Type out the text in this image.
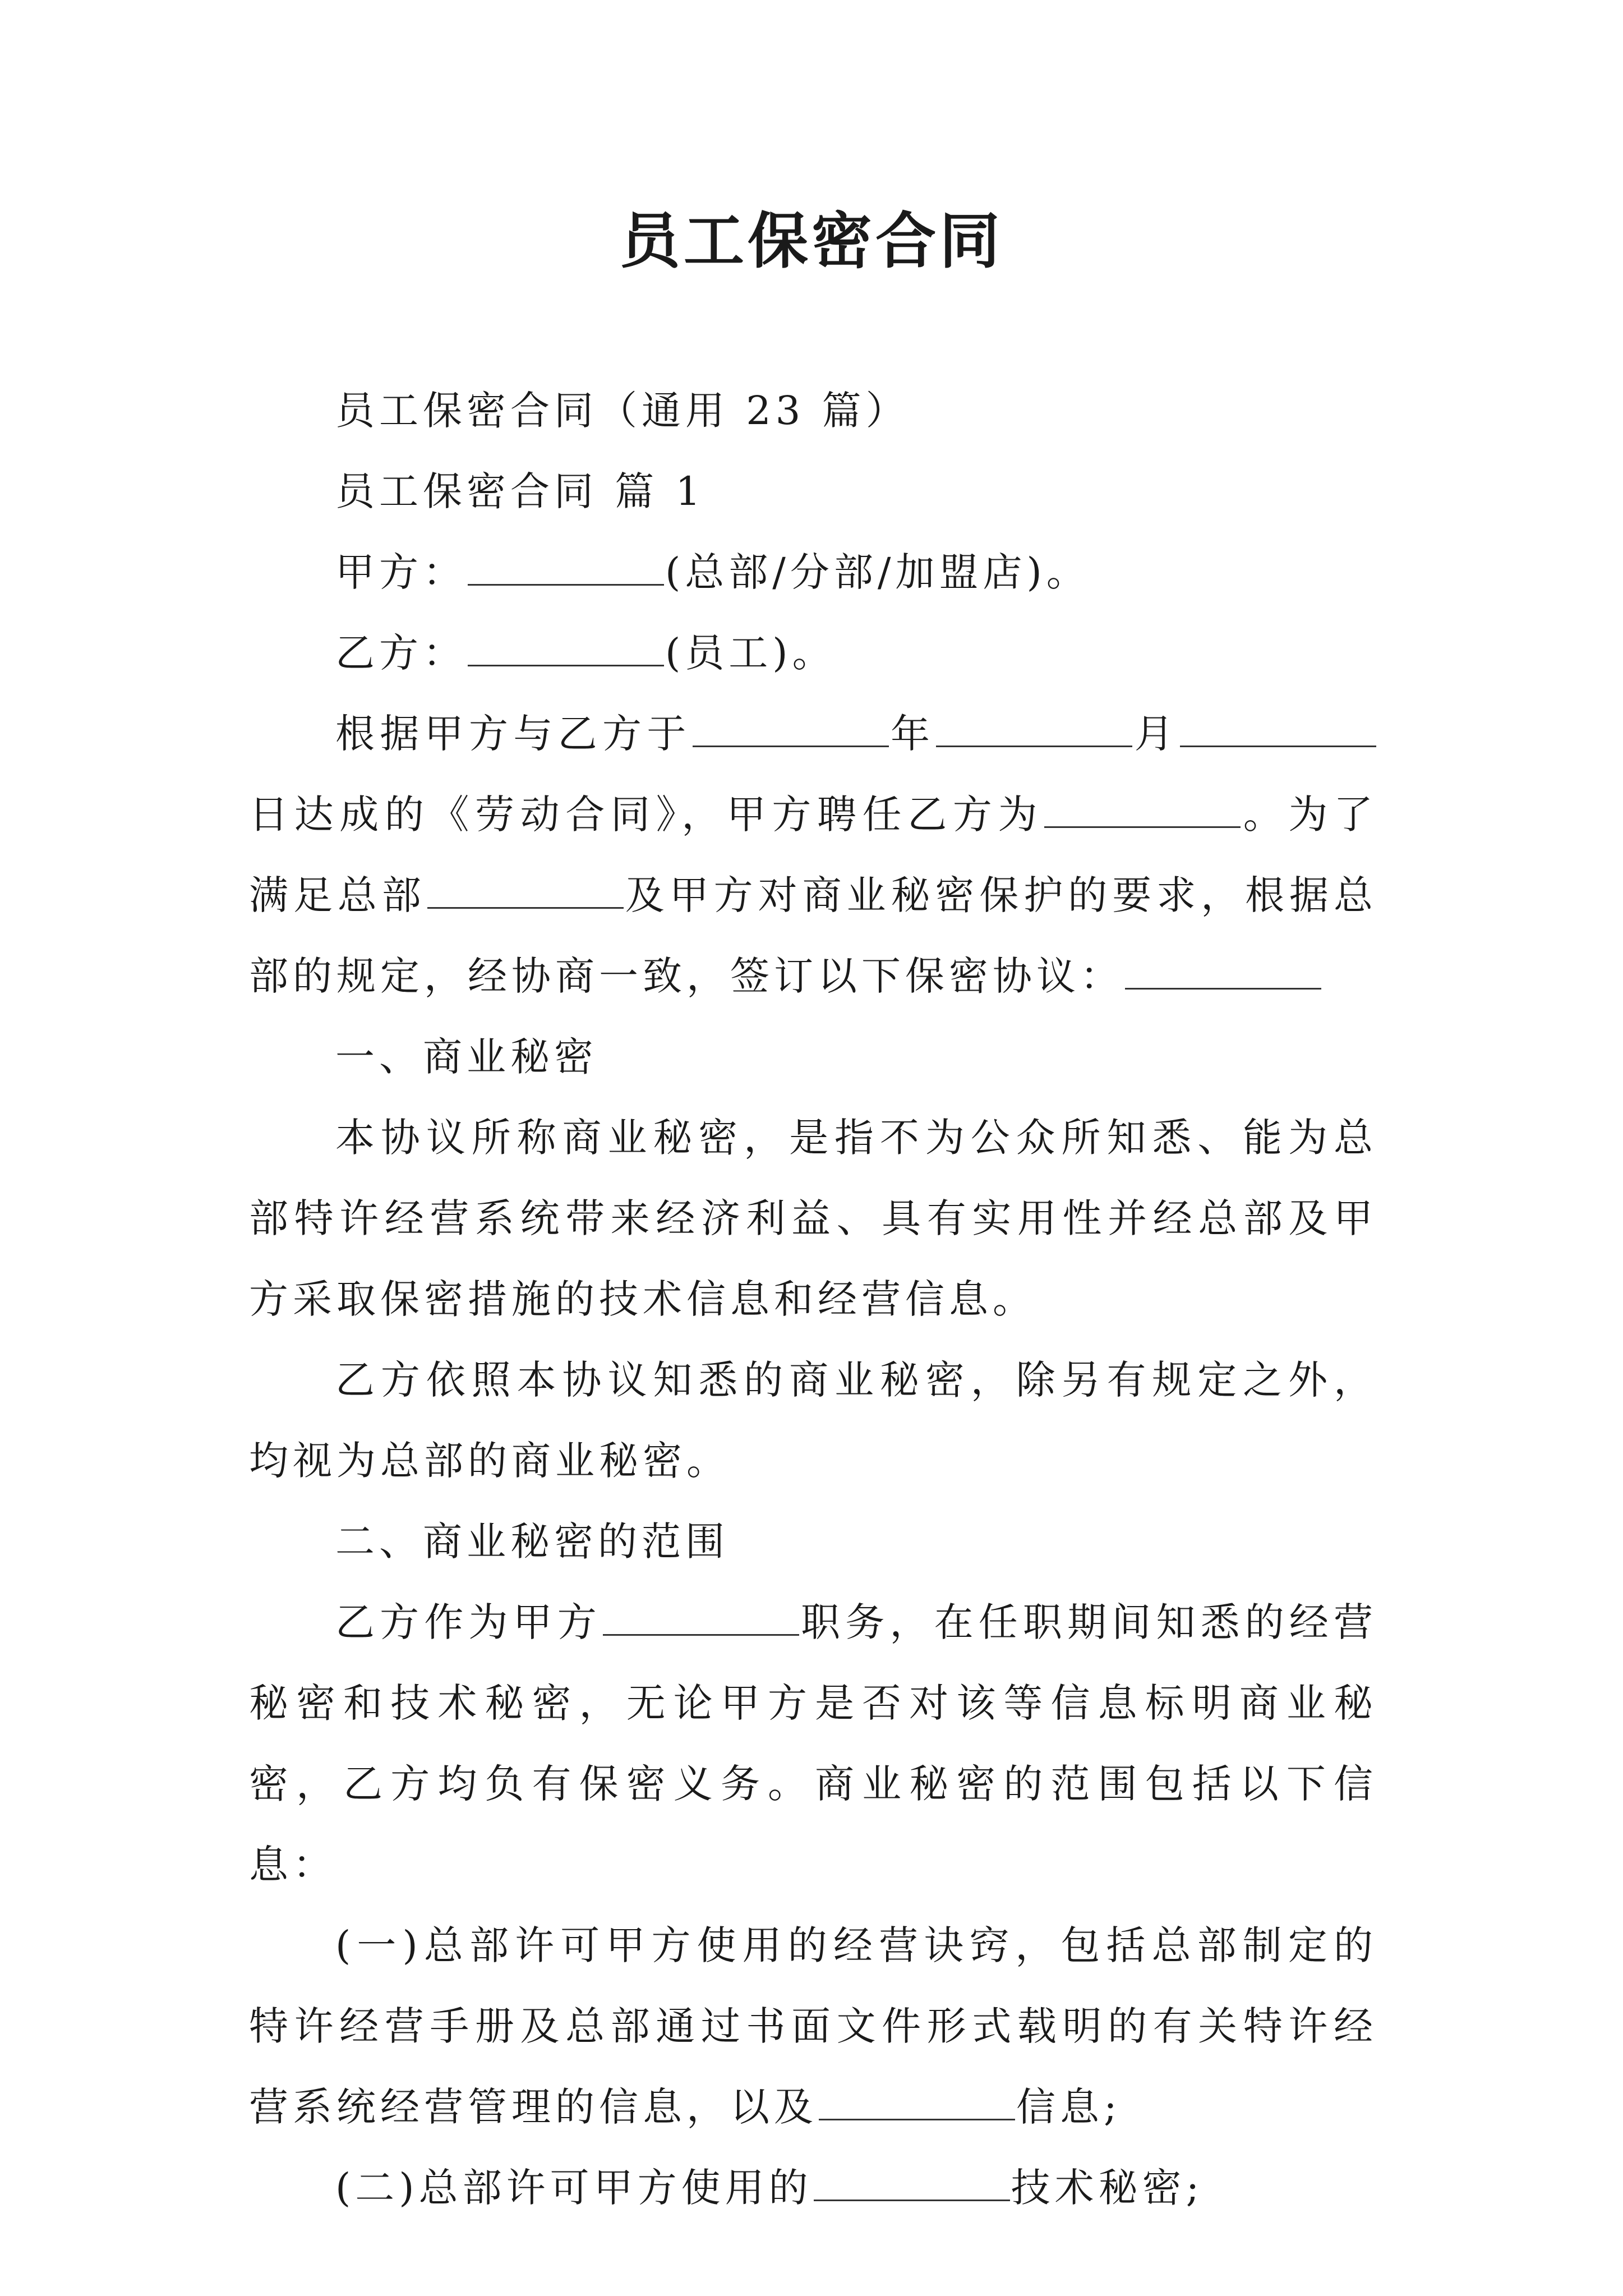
员工保密合同

员工保密合同（通用 23 篇）

员工保密合同 篇 1

甲方：	(总部/分部/加盟店)。

乙方：	(员工)。

根据甲方与乙方于	年	月日达成的《劳动合同》，甲方聘任乙方为	。为了满足总部	及甲方对商业秘密保护的要求，根据总部的规定，经协商一致，签订以下保密协议：

一、商业秘密

本协议所称商业秘密，是指不为公众所知悉、能为总部特许经营系统带来经济利益、具有实用性并经总部及甲方采取保密措施的技术信息和经营信息。

乙方依照本协议知悉的商业秘密，除另有规定之外，均视为总部的商业秘密。

二、商业秘密的范围

乙方作为甲方	职务，在任职期间知悉的经营秘密和技术秘密，无论甲方是否对该等信息标明商业秘密，乙方均负有保密义务。商业秘密的范围包括以下信息：

(一)总部许可甲方使用的经营诀窍，包括总部制定的特许经营手册及总部通过书面文件形式载明的有关特许经营系统经营管理的信息，以及	信息;

(二)总部许可甲方使用的	技术秘密;
